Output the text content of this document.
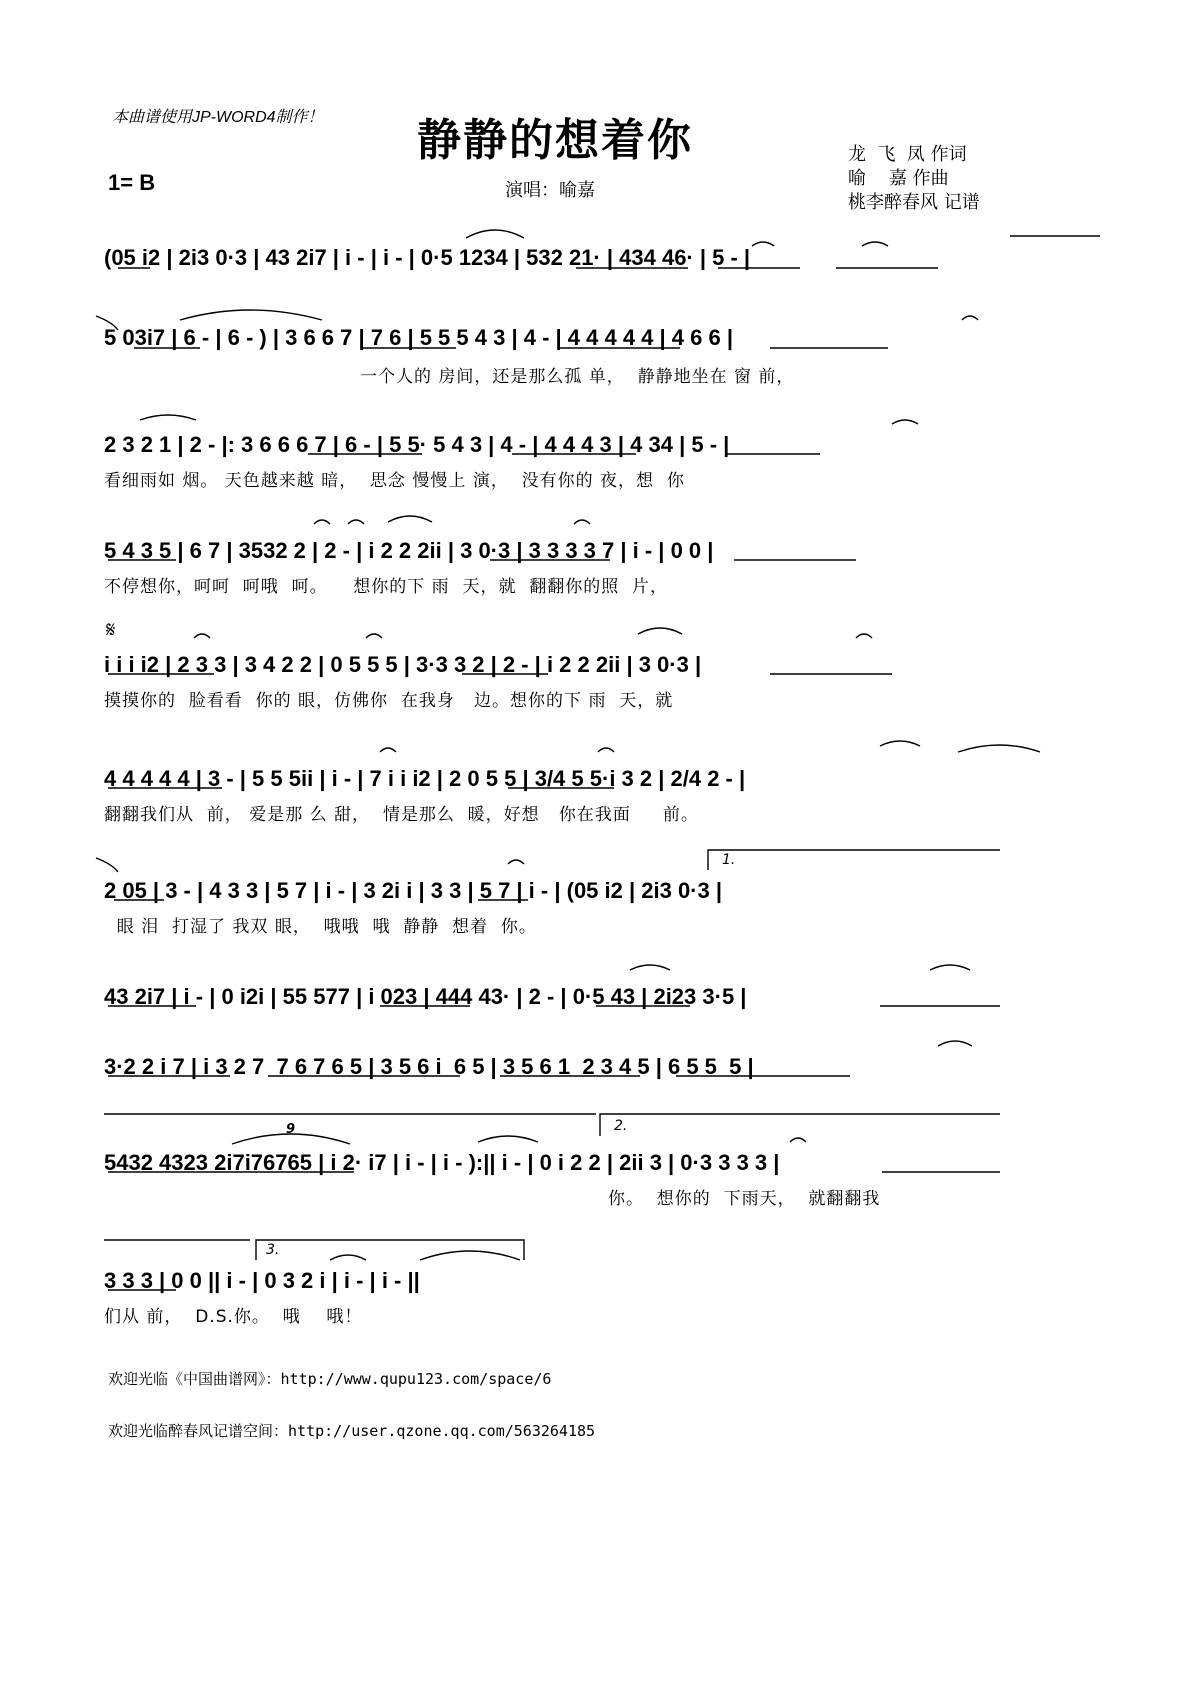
本曲谱使用JP-WORD4制作！	静静的想着你
1= B	演唱：喻嘉
龙  飞  凤 作词
喻    嘉 作曲
桃李醉春风 记谱
(05 i2 | 2i3 0·3 | 43 2i7 | i - | i - | 0·5 1234 | 532 21· | 434 46· | 5 - |
5 03i7 | 6 - | 6 - ) | 3 6 6 7 | 7 6 | 5 5 5 4 3 | 4 - | 4 4 4 4 4 | 4 6 6 |
一个人的 房间，还是那么孤 单，  静静地坐在 窗 前，
2 3 2 1 | 2 - |: 3 6 6 6 7 | 6 - | 5 5· 5 4 3 | 4 - | 4 4 4 3 | 4 34 | 5 - |
看细雨如 烟。 天色越来越 暗，  思念 慢慢上 演，  没有你的 夜，想  你
5 4 3 5 | 6 7 | 3532 2 | 2 - | i 2 2 2ii | 3 0·3 | 3 3 3 3 7 | i - | 0 0 |
不停想你，呵呵  呵哦  呵。    想你的下 雨  天，就  翻翻你的照  片，
𝄋
i i i i2 | 2 3 3 | 3 4 2 2 | 0 5 5 5 | 3·3 3 2 | 2 - | i 2 2 2ii | 3 0·3 |
摸摸你的  脸看看  你的 眼，仿佛你  在我身   边。想你的下 雨  天，就
4 4 4 4 4 | 3 - | 5 5 5ii | i - | 7 i i i2 | 2 0 5 5 | 3/4 5 5·i 3 2 | 2/4 2 - |
翻翻我们从  前， 爱是那 么 甜，  情是那么  暖，好想   你在我面     前。
1.
2 05 | 3 - | 4 3 3 | 5 7 | i - | 3 2i i | 3 3 | 5 7 | i - | (05 i2 | 2i3 0·3 |
眼 泪  打湿了 我双 眼，  哦哦  哦  静静  想着  你。
43 2i7 | i - | 0 i2i | 55 577 | i 023 | 444 43· | 2 - | 0·5 43 | 2i23 3·5 |
3·2 2 i 7 | i 3 2 7  7 6 7 6 5 | 3 5 6 i  6 5 | 3 5 6 1  2 3 4 5 | 6 5 5  5 |
9	2.
5432 4323 2i7i76765 | i 2· i7 | i - | i - ):|| i - | 0 i 2 2 | 2ii 3 | 0·3 3 3 3 |
你。  想你的  下雨天，  就翻翻我
3.
3 3 3 | 0 0 || i - | 0 3 2 i | i - | i - ||
们从 前，  D.S.你。  哦    哦！
欢迎光临《中国曲谱网》：http://www.qupu123.com/space/6
欢迎光临醉春风记谱空间：http://user.qzone.qq.com/563264185
